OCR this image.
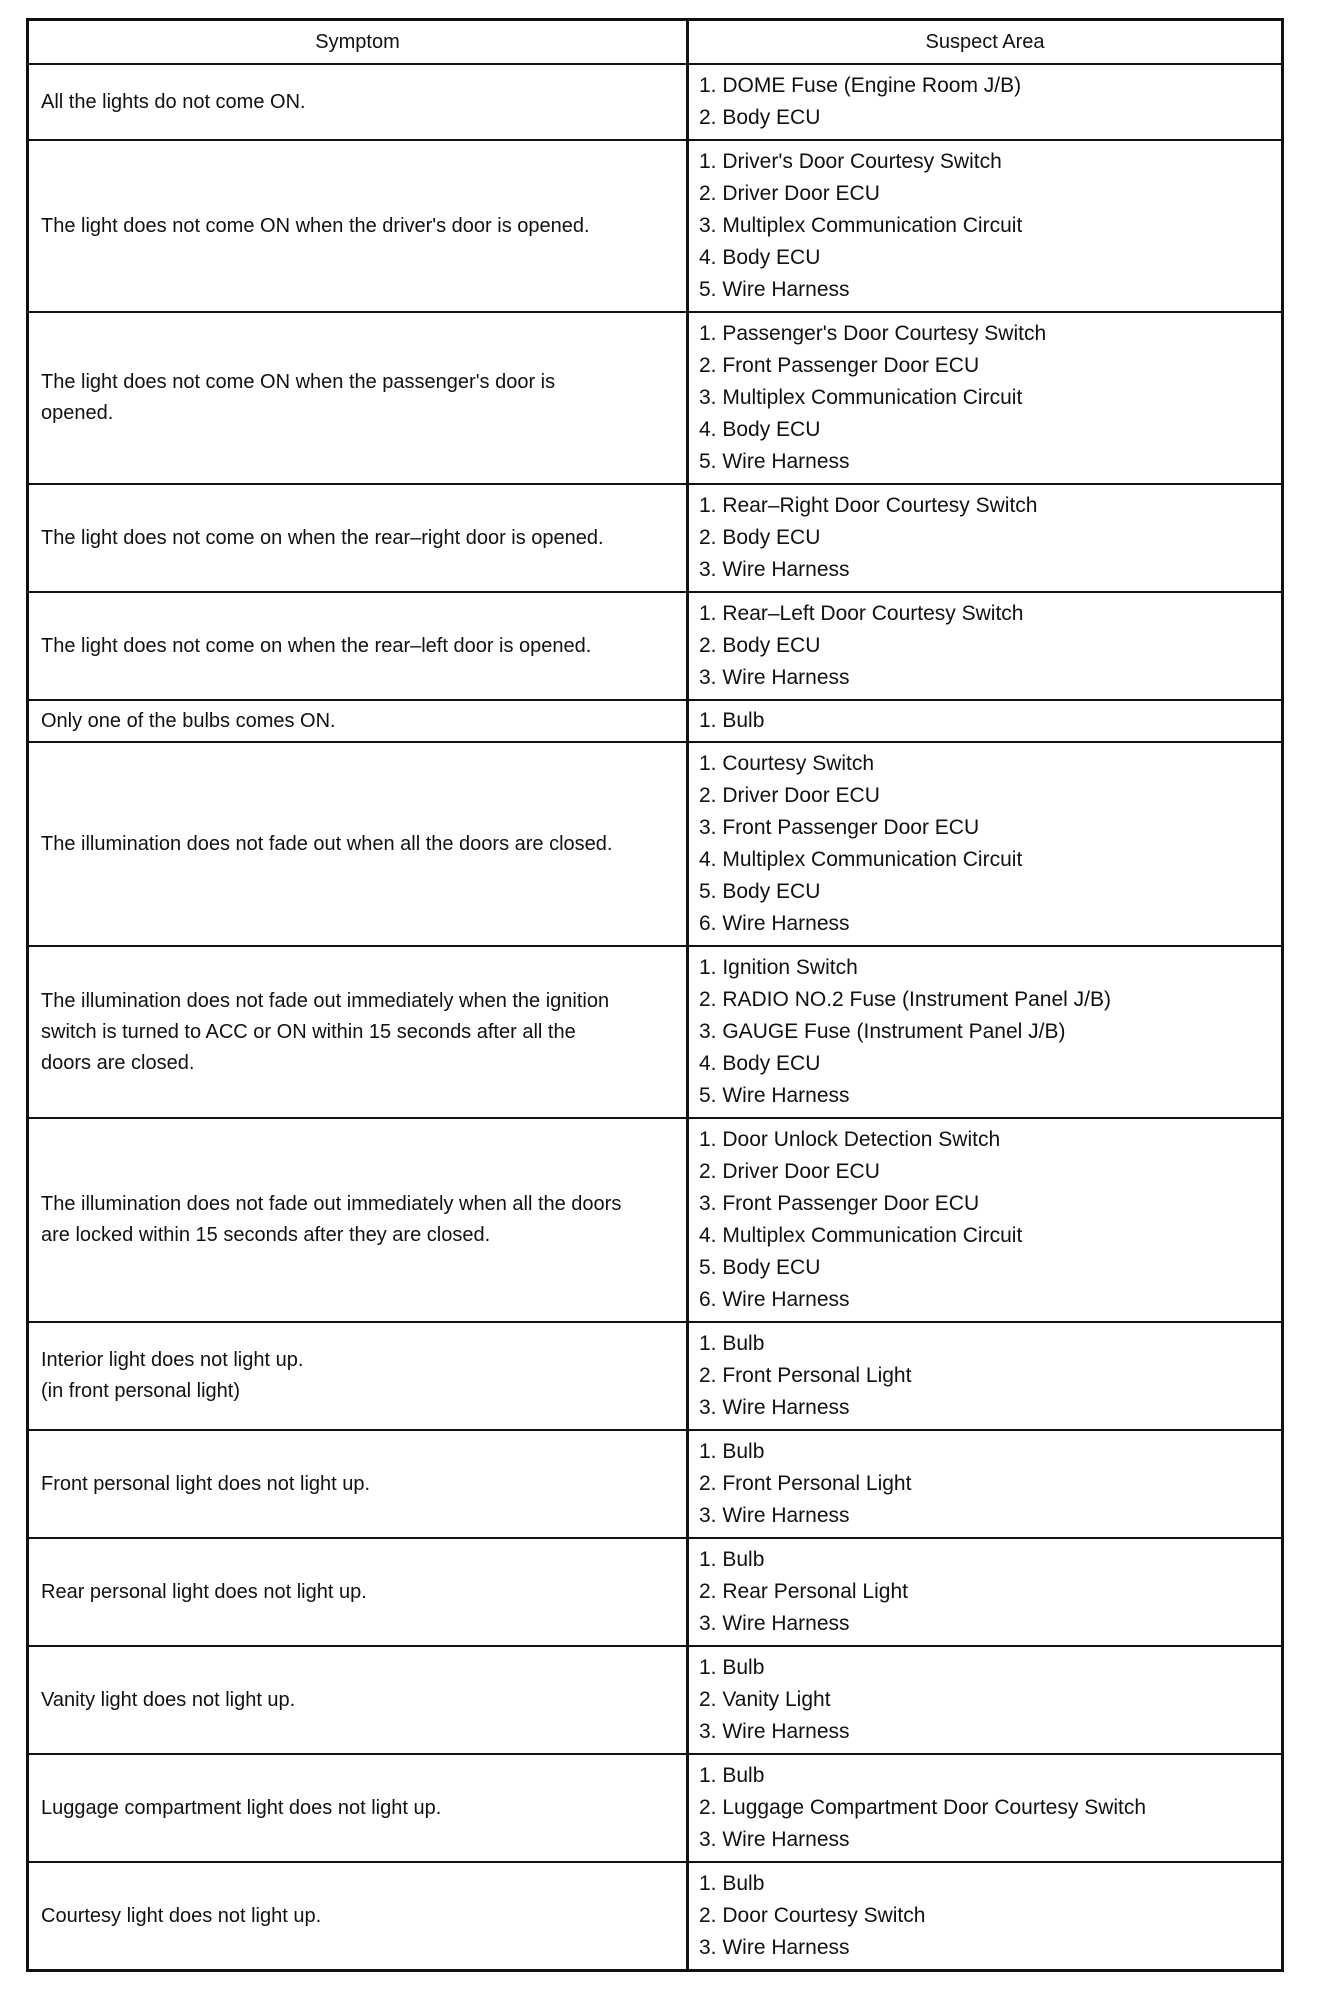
Symptom	Suspect Area
All the lights do not come ON.
1. DOME Fuse (Engine Room J/B)
2. Body ECU
The light does not come ON when the driver's door is opened.
1. Driver's Door Courtesy Switch
2. Driver Door ECU
3. Multiplex Communication Circuit
4. Body ECU
5. Wire Harness
The light does not come ON when the passenger's door is
opened.
1. Passenger's Door Courtesy Switch
2. Front Passenger Door ECU
3. Multiplex Communication Circuit
4. Body ECU
5. Wire Harness
The light does not come on when the rear–right door is opened.
1. Rear–Right Door Courtesy Switch
2. Body ECU
3. Wire Harness
The light does not come on when the rear–left door is opened.
1. Rear–Left Door Courtesy Switch
2. Body ECU
3. Wire Harness
Only one of the bulbs comes ON.	1. Bulb
The illumination does not fade out when all the doors are closed.
1. Courtesy Switch
2. Driver Door ECU
3. Front Passenger Door ECU
4. Multiplex Communication Circuit
5. Body ECU
6. Wire Harness
The illumination does not fade out immediately when the ignition
switch is turned to ACC or ON within 15 seconds after all the
doors are closed.
1. Ignition Switch
2. RADIO NO.2 Fuse (Instrument Panel J/B)
3. GAUGE Fuse (Instrument Panel J/B)
4. Body ECU
5. Wire Harness
The illumination does not fade out immediately when all the doors
are locked within 15 seconds after they are closed.
1. Door Unlock Detection Switch
2. Driver Door ECU
3. Front Passenger Door ECU
4. Multiplex Communication Circuit
5. Body ECU
6. Wire Harness
Interior light does not light up.
(in front personal light)
1. Bulb
2. Front Personal Light
3. Wire Harness
Front personal light does not light up.
1. Bulb
2. Front Personal Light
3. Wire Harness
Rear personal light does not light up.
1. Bulb
2. Rear Personal Light
3. Wire Harness
Vanity light does not light up.
1. Bulb
2. Vanity Light
3. Wire Harness
Luggage compartment light does not light up.
1. Bulb
2. Luggage Compartment Door Courtesy Switch
3. Wire Harness
Courtesy light does not light up.
1. Bulb
2. Door Courtesy Switch
3. Wire Harness
